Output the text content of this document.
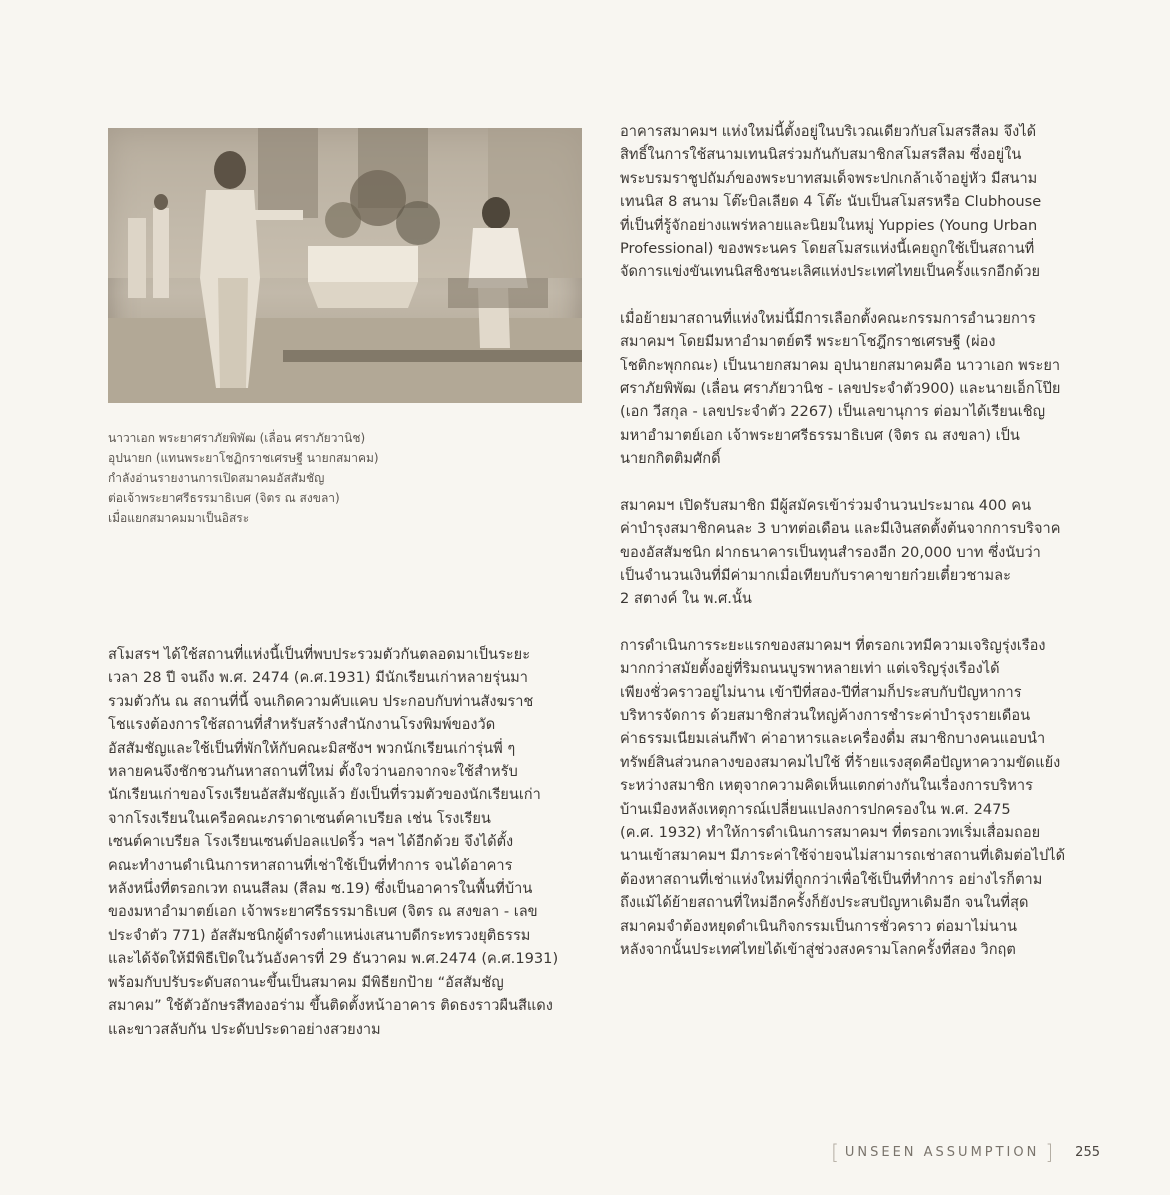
นาวาเอก พระยาศราภัยพิพัฒ (เลื่อน ศราภัยวานิช)
อุปนายก (แทนพระยาโชฏิกราชเศรษฐี นายกสมาคม)
กำลังอ่านรายงานการเปิดสมาคมอัสสัมชัญ
ต่อเจ้าพระยาศรีธรรมาธิเบศ (จิตร ณ สงขลา)
เมื่อแยกสมาคมมาเป็นอิสระ
สโมสรฯ ได้ใช้สถานที่แห่งนี้เป็นที่พบประรวมตัวกันตลอดมาเป็นระยะ
เวลา 28 ปี จนถึง พ.ศ. 2474 (ค.ศ.1931) มีนักเรียนเก่าหลายรุ่นมา
รวมตัวกัน ณ สถานที่นี้ จนเกิดความคับแคบ ประกอบกับท่านสังฆราช
โชแรงต้องการใช้สถานที่สำหรับสร้างสำนักงานโรงพิมพ์ของวัด
อัสสัมชัญและใช้เป็นที่พักให้กับคณะมิสซังฯ พวกนักเรียนเก่ารุ่นพี่ ๆ
หลายคนจึงชักชวนกันหาสถานที่ใหม่ ตั้งใจว่านอกจากจะใช้สำหรับ
นักเรียนเก่าของโรงเรียนอัสสัมชัญแล้ว ยังเป็นที่รวมตัวของนักเรียนเก่า
จากโรงเรียนในเครือคณะภราดาเซนต์คาเบรียล เช่น โรงเรียน
เซนต์คาเบรียล โรงเรียนเซนต์ปอลแปดริ้ว ฯลฯ ได้อีกด้วย จึงได้ตั้ง
คณะทำงานดำเนินการหาสถานที่เช่าใช้เป็นที่ทำการ จนได้อาคาร
หลังหนึ่งที่ตรอกเวท ถนนสีลม (สีลม ซ.19) ซึ่งเป็นอาคารในพื้นที่บ้าน
ของมหาอำมาตย์เอก เจ้าพระยาศรีธรรมาธิเบศ (จิตร ณ สงขลา - เลข
ประจำตัว 771) อัสสัมชนิกผู้ดำรงตำแหน่งเสนาบดีกระทรวงยุติธรรม
และได้จัดให้มีพิธีเปิดในวันอังคารที่ 29 ธันวาคม พ.ศ.2474 (ค.ศ.1931)
พร้อมกับปรับระดับสถานะขึ้นเป็นสมาคม มีพิธียกป้าย “อัสสัมชัญ
สมาคม” ใช้ตัวอักษรสีทองอร่าม ขึ้นติดตั้งหน้าอาคาร ติดธงราวผืนสีแดง
และขาวสลับกัน ประดับประดาอย่างสวยงาม
อาคารสมาคมฯ แห่งใหม่นี้ตั้งอยู่ในบริเวณเดียวกับสโมสรสีลม จึงได้
สิทธิ์ในการใช้สนามเทนนิสร่วมกันกับสมาชิกสโมสรสีลม ซึ่งอยู่ใน
พระบรมราชูปถัมภ์ของพระบาทสมเด็จพระปกเกล้าเจ้าอยู่หัว มีสนาม
เทนนิส 8 สนาม โต๊ะบิลเลียด 4 โต๊ะ นับเป็นสโมสรหรือ Clubhouse
ที่เป็นที่รู้จักอย่างแพร่หลายและนิยมในหมู่ Yuppies (Young Urban
Professional) ของพระนคร โดยสโมสรแห่งนี้เคยถูกใช้เป็นสถานที่
จัดการแข่งขันเทนนิสชิงชนะเลิศแห่งประเทศไทยเป็นครั้งแรกอีกด้วย
เมื่อย้ายมาสถานที่แห่งใหม่นี้มีการเลือกตั้งคณะกรรมการอำนวยการ
สมาคมฯ โดยมีมหาอำมาตย์ตรี พระยาโชฎึกราชเศรษฐี (ผ่อง
โชติกะพุกกณะ) เป็นนายกสมาคม อุปนายกสมาคมคือ นาวาเอก พระยา
ศราภัยพิพัฒ (เลื่อน ศราภัยวานิช - เลขประจำตัว900) และนายเอ็กโป๊ย
(เอก วีสกุล - เลขประจำตัว 2267) เป็นเลขานุการ ต่อมาได้เรียนเชิญ
มหาอำมาตย์เอก เจ้าพระยาศรีธรรมาธิเบศ (จิตร ณ สงขลา) เป็น
นายกกิตติมศักดิ์
สมาคมฯ เปิดรับสมาชิก มีผู้สมัครเข้าร่วมจำนวนประมาณ 400 คน
ค่าบำรุงสมาชิกคนละ 3 บาทต่อเดือน และมีเงินสดตั้งต้นจากการบริจาค
ของอัสสัมชนิก ฝากธนาคารเป็นทุนสำรองอีก 20,000 บาท ซึ่งนับว่า
เป็นจำนวนเงินที่มีค่ามากเมื่อเทียบกับราคาขายก๋วยเตี๋ยวชามละ
2 สตางค์ ใน พ.ศ.นั้น
การดำเนินการระยะแรกของสมาคมฯ ที่ตรอกเวทมีความเจริญรุ่งเรือง
มากกว่าสมัยตั้งอยู่ที่ริมถนนบูรพาหลายเท่า แต่เจริญรุ่งเรืองได้
เพียงชั่วคราวอยู่ไม่นาน เข้าปีที่สอง-ปีที่สามก็ประสบกับปัญหาการ
บริหารจัดการ ด้วยสมาชิกส่วนใหญ่ค้างการชำระค่าบำรุงรายเดือน
ค่าธรรมเนียมเล่นกีฬา ค่าอาหารและเครื่องดื่ม สมาชิกบางคนแอบนำ
ทรัพย์สินส่วนกลางของสมาคมไปใช้ ที่ร้ายแรงสุดคือปัญหาความขัดแย้ง
ระหว่างสมาชิก เหตุจากความคิดเห็นแตกต่างกันในเรื่องการบริหาร
บ้านเมืองหลังเหตุการณ์เปลี่ยนแปลงการปกครองใน พ.ศ. 2475
(ค.ศ. 1932) ทำให้การดำเนินการสมาคมฯ ที่ตรอกเวทเริ่มเสื่อมถอย
นานเข้าสมาคมฯ มีภาระค่าใช้จ่ายจนไม่สามารถเช่าสถานที่เดิมต่อไปได้
ต้องหาสถานที่เช่าแห่งใหม่ที่ถูกกว่าเพื่อใช้เป็นที่ทำการ อย่างไรก็ตาม
ถึงแม้ได้ย้ายสถานที่ใหม่อีกครั้งก็ยังประสบปัญหาเดิมอีก จนในที่สุด
สมาคมจำต้องหยุดดำเนินกิจกรรมเป็นการชั่วคราว ต่อมาไม่นาน
หลังจากนั้นประเทศไทยได้เข้าสู่ช่วงสงครามโลกครั้งที่สอง วิกฤต
[ UNSEEN ASSUMPTION ] 255
